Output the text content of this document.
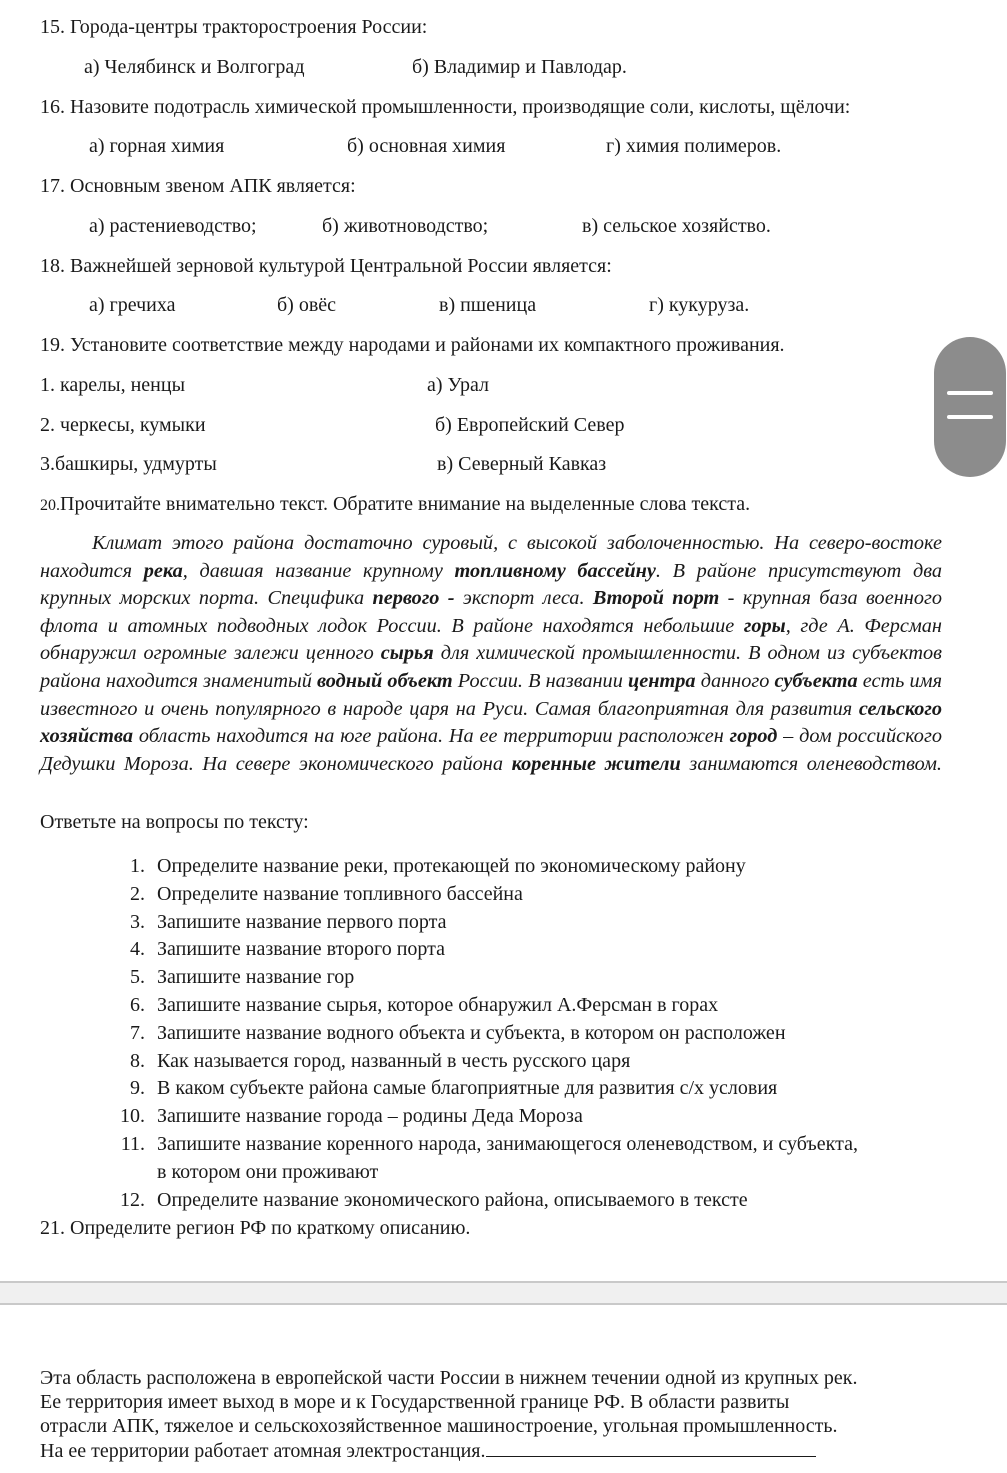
15. Города-центры тракторостроения России:
а) Челябинск и Волгоград	б) Владимир и Павлодар.
16. Назовите подотрасль химической промышленности, производящие соли, кислоты, щёлочи:
а) горная химия	б) основная химия	г) химия полимеров.
17. Основным звеном АПК является:
а) растениеводство;	б) животноводство;	в) сельское хозяйство.
18. Важнейшей зерновой культурой Центральной России является:
а) гречиха	б) овёс	в) пшеница	г) кукуруза.
19. Установите соответствие между народами и районами их компактного проживания.
1. карелы, ненцы	а) Урал
2. черкесы, кумыки	б) Европейский Север
3.башкиры, удмурты	в) Северный Кавказ
20.Прочитайте внимательно текст. Обратите внимание на выделенные слова текста.

Климат этого района достаточно суровый, с высокой заболоченностью. На северо-востоке находится река, давшая название крупному топливному бассейну. В районе присутствуют два крупных морских порта. Специфика первого - экспорт леса. Второй порт - крупная база военного флота и атомных подводных лодок России. В районе находятся небольшие горы, где А. Ферсман обнаружил огромные залежи ценного сырья для химической промышленности. В одном из субъектов района находится знаменитый водный объект России. В названии центра данного субъекта есть имя известного и очень популярного в народе царя на Руси. Самая благоприятная для развития сельского хозяйства область находится на юге района. На ее территории расположен город – дом российского Дедушки Мороза. На севере экономического района коренные жители занимаются оленеводством.

Ответьте на вопросы по тексту:
1. Определите название реки, протекающей по экономическому району
2. Определите название топливного бассейна
3. Запишите название первого порта
4. Запишите название второго порта
5. Запишите название гор
6. Запишите название сырья, которое обнаружил А.Ферсман в горах
7. Запишите название водного объекта и субъекта, в котором он расположен
8. Как называется город, названный в честь русского царя
9. В каком субъекте района самые благоприятные для развития с/х условия
10. Запишите название города – родины Деда Мороза
11. Запишите название коренного народа, занимающегося оленеводством, и субъекта,
в котором они проживают
12. Определите название экономического района, описываемого в тексте
21. Определите регион РФ по краткому описанию.
Эта область расположена в европейской части России в нижнем течении одной из крупных рек.
Ее территория имеет выход в море и к Государственной границе РФ. В области развиты
отрасли АПК, тяжелое и сельскохозяйственное машиностроение, угольная промышленность.
На ее территории работает атомная электростанция.
